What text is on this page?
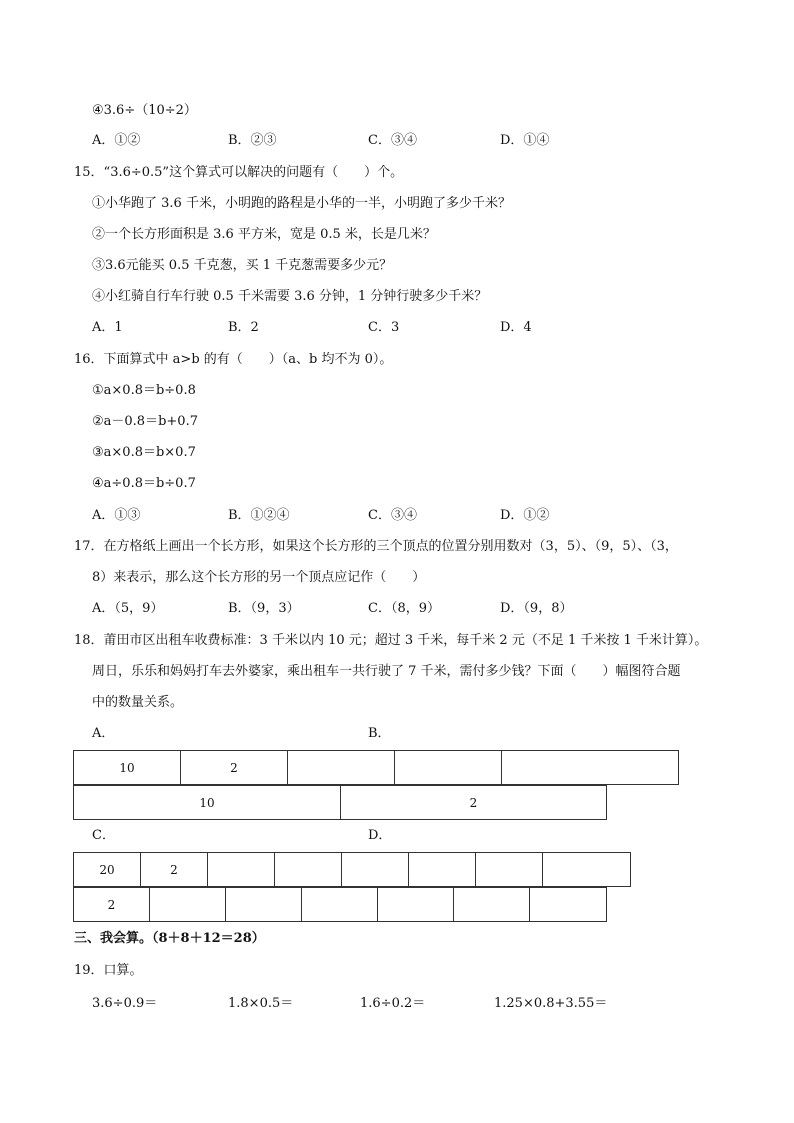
④3.6÷（10÷2）
A．①②	B．②③	C．③④	D．①④
15．“3.6÷0.5”这个算式可以解决的问题有（　　）个。
①小华跑了 3.6 千米，小明跑的路程是小华的一半，小明跑了多少千米？
②一个长方形面积是 3.6 平方米，宽是 0.5 米，长是几米？
③3.6元能买 0.5 千克葱，买 1 千克葱需要多少元？
④小红骑自行车行驶 0.5 千米需要 3.6 分钟，1 分钟行驶多少千米？
A．1	B．2	C．3	D．4
16．下面算式中 a>b 的有（　　）（a、b 均不为 0）。
①a×0.8＝b÷0.8
②a－0.8＝b+0.7
③a×0.8＝b×0.7
④a÷0.8＝b÷0.7
A．①③	B．①②④	C．③④	D．①②
17．在方格纸上画出一个长方形，如果这个长方形的三个顶点的位置分别用数对（3，5）、（9，5）、（3，
8）来表示，那么这个长方形的另一个顶点应记作（　　）
A．（5，9）	B．（9，3）	C．（8，9）	D．（9，8）
18．莆田市区出租车收费标准：3 千米以内 10 元；超过 3 千米，每千米 2 元（不足 1 千米按 1 千米计算）。
周日，乐乐和妈妈打车去外婆家，乘出租车一共行驶了 7 千米，需付多少钱？下面（　　）幅图符合题
中的数量关系。
A．	B．
10	2			
10	2
C．	D．
20	2						
2						
三、我会算。（8＋8＋12＝28）
19．口算。
3.6÷0.9＝	1.8×0.5＝	1.6÷0.2＝	1.25×0.8+3.55＝
